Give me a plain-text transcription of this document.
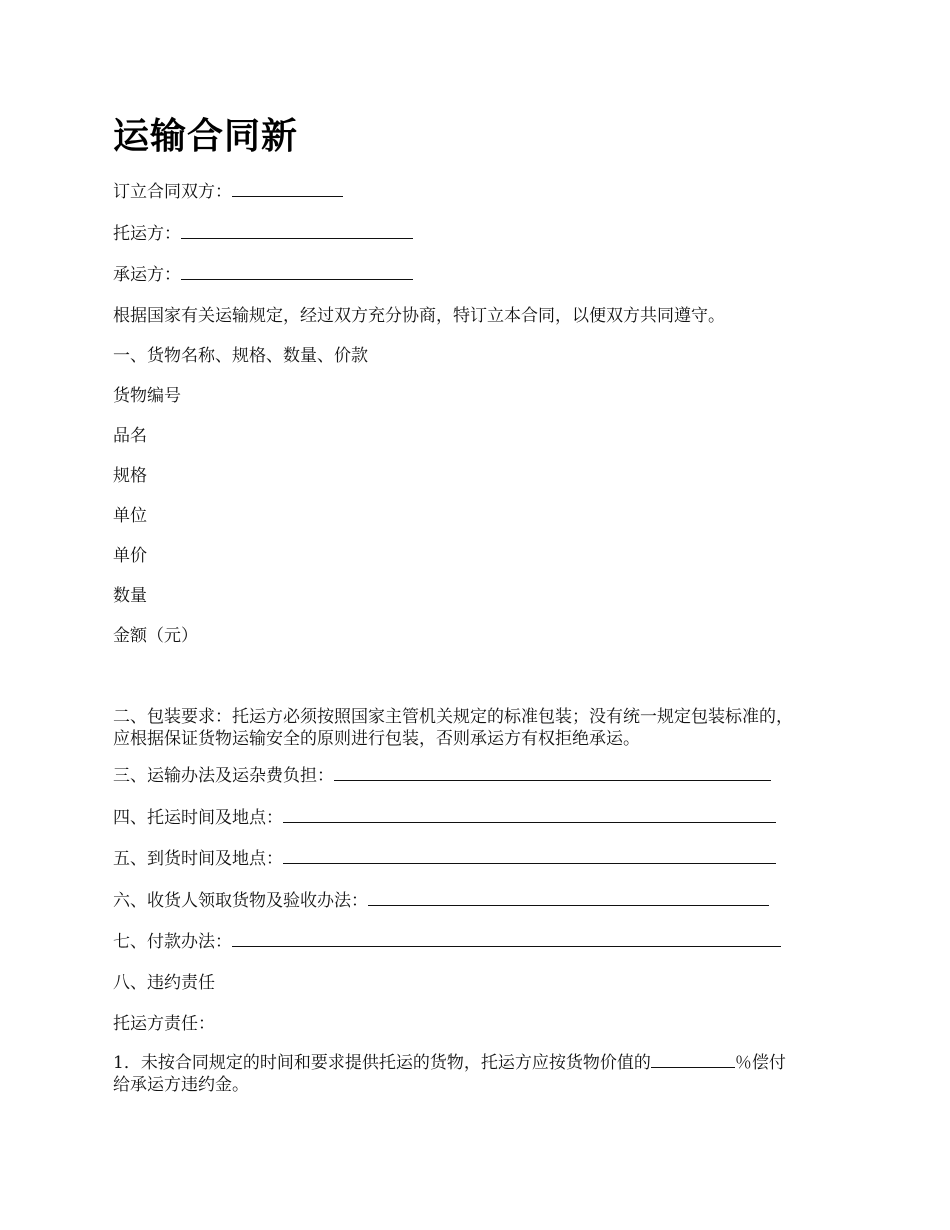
运输合同新

订立合同双方：

托运方：

承运方：

根据国家有关运输规定，经过双方充分协商，特订立本合同，以便双方共同遵守。

一、货物名称、规格、数量、价款

货物编号

品名

规格

单位

单价

数量

金额（元）

二、包装要求：托运方必须按照国家主管机关规定的标准包装；没有统一规定包装标准的，

应根据保证货物运输安全的原则进行包装，否则承运方有权拒绝承运。

三、运输办法及运杂费负担：

四、托运时间及地点：

五、到货时间及地点：

六、收货人领取货物及验收办法：

七、付款办法：

八、违约责任

托运方责任：

1．未按合同规定的时间和要求提供托运的货物，托运方应按货物价值的	％偿付

给承运方违约金。
